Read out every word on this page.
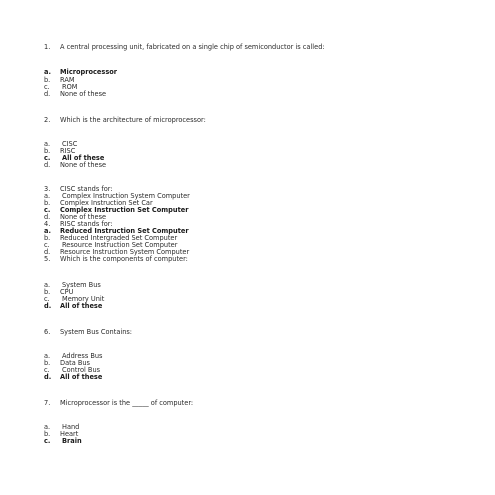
1. A central processing unit, fabricated on a single chip of semiconductor is called:

a. Microprocessor

b. RAM

c. ROM

d. None of these

2. Which is the architecture of microprocessor:

a. CISC

b. RISC

c. All of these

d. None of these

3. CISC stands for:

a. Complex Instruction System Computer

b. Complex Instruction Set Car

c. Complex Instruction Set Computer

d. None of these

4. RISC stands for:

a. Reduced Instruction Set Computer

b. Reduced Intergraded Set Computer

c. Resource Instruction Set Computer

d. Resource Instruction System Computer

5. Which is the components of computer:

a. System Bus

b. CPU

c. Memory Unit

d. All of these

6. System Bus Contains:

a. Address Bus

b. Data Bus

c. Control Bus

d. All of these

7. Microprocessor is the _____ of computer:

a. Hand

b. Heart

c. Brain
